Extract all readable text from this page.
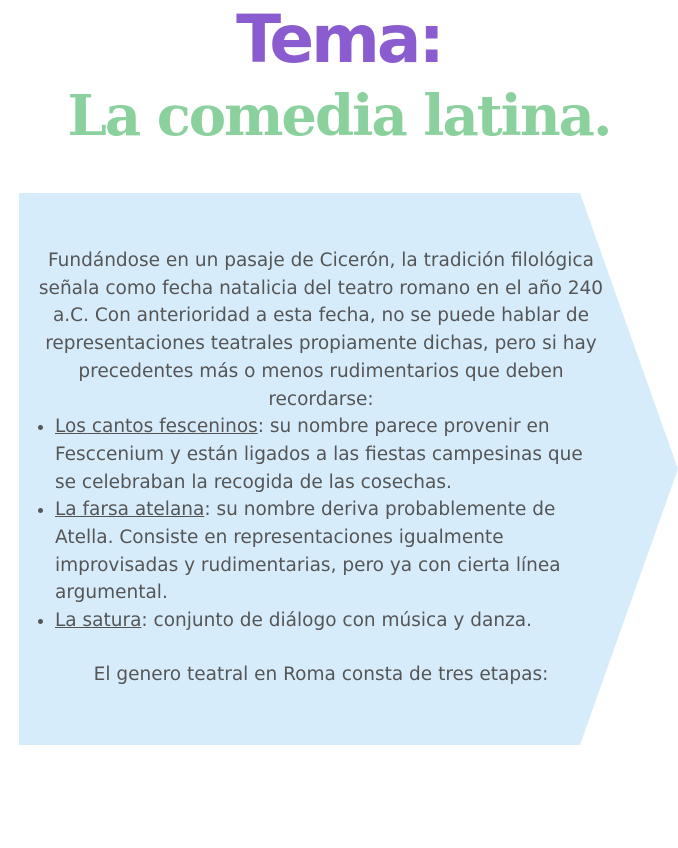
Tema:
La comedia latina.

Fundándose en un pasaje de Cicerón, la tradición filológica señala como fecha natalicia del teatro romano en el año 240 a.C. Con anterioridad a esta fecha, no se puede hablar de representaciones teatrales propiamente dichas, pero si hay precedentes más o menos rudimentarios que deben recordarse:

• Los cantos fesceninos: su nombre parece provenir en Fesccenium y están ligados a las fiestas campesinas que se celebraban la recogida de las cosechas.
• La farsa atelana: su nombre deriva probablemente de Atella. Consiste en representaciones igualmente improvisadas y rudimentarias, pero ya con cierta línea argumental.
• La satura: conjunto de diálogo con música y danza.

El genero teatral en Roma consta de tres etapas:
